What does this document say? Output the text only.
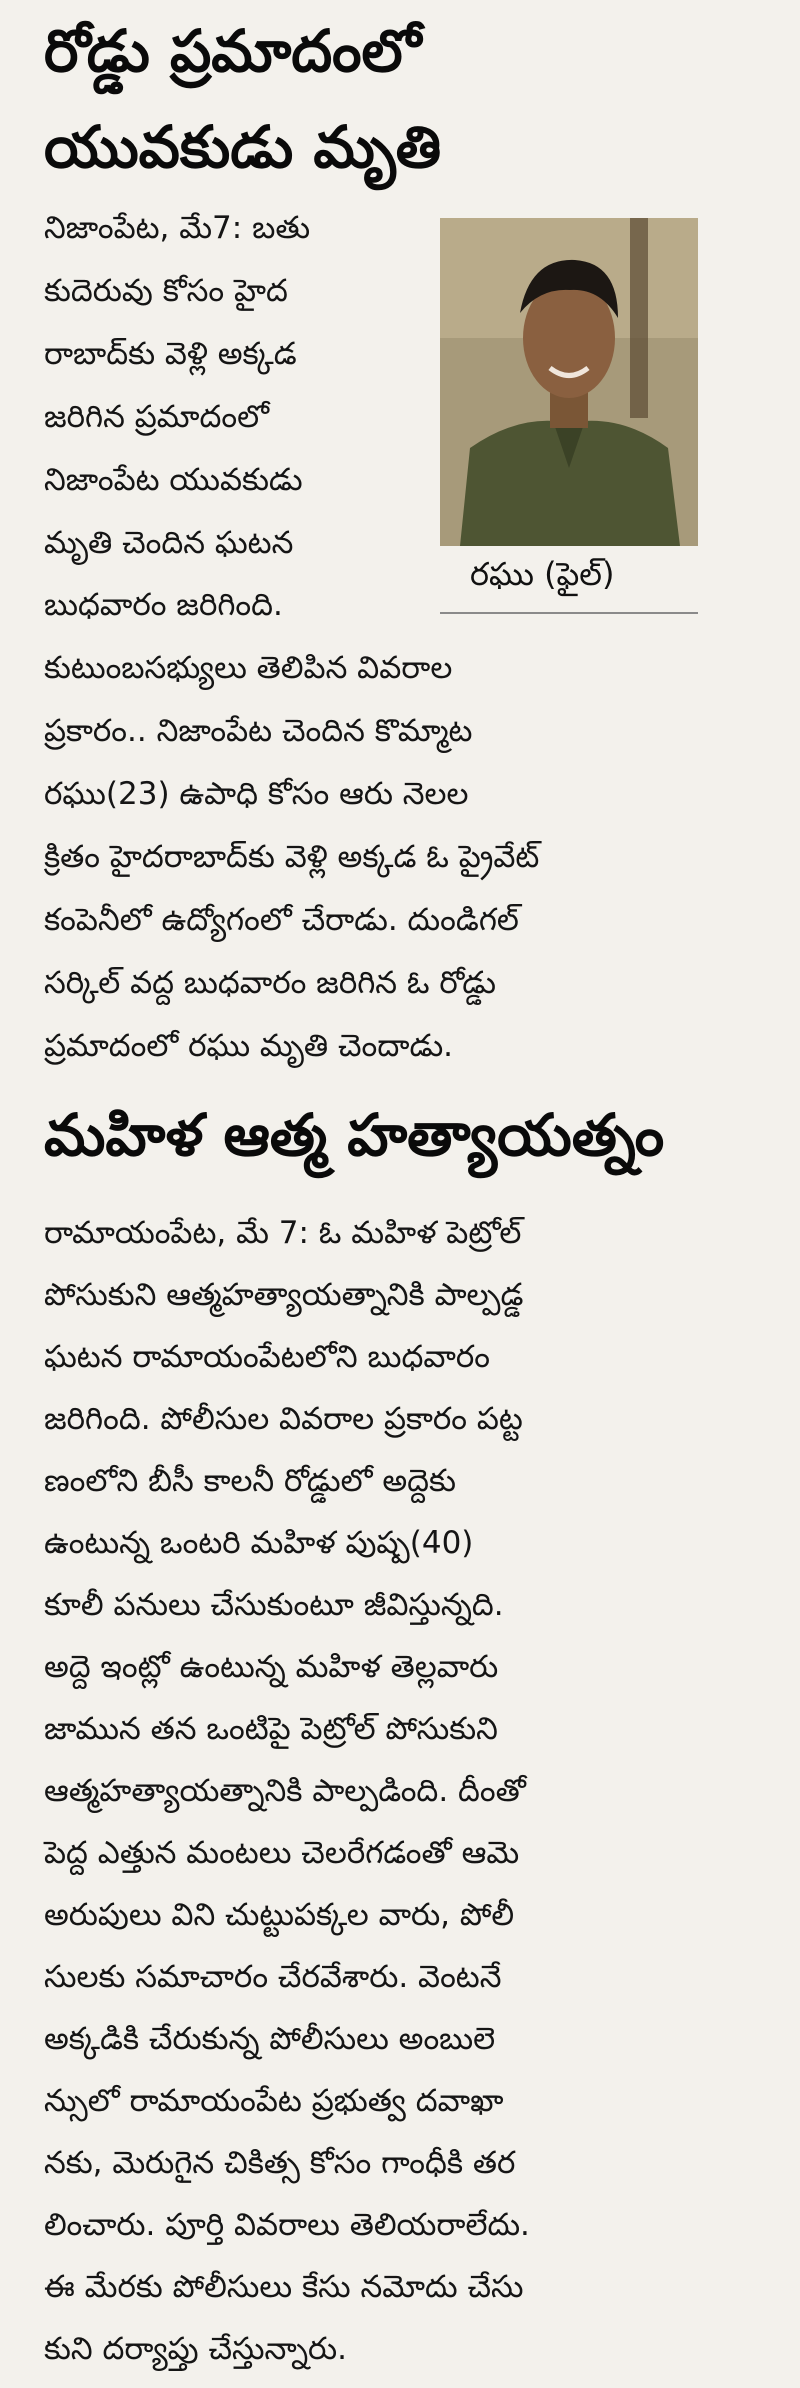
రోడ్డు ప్రమాదంలో
యువకుడు మృతి
రఘు (ఫైల్)

నిజాంపేట, మే7: బతు

కుదెరువు కోసం హైద

రాబాద్‌కు వెళ్లి అక్కడ

జరిగిన ప్రమాదంలో

నిజాంపేట యువకుడు

మృతి చెందిన ఘటన

బుధవారం జరిగింది.

కుటుంబసభ్యులు తెలిపిన వివరాల

ప్రకారం.. నిజాంపేట చెందిన కొమ్మాట

రఘు(23) ఉపాధి కోసం ఆరు నెలల

క్రితం హైదరాబాద్‌కు వెళ్లి అక్కడ ఓ ప్రైవేట్

కంపెనీలో ఉద్యోగంలో చేరాడు. దుండిగల్

సర్కిల్ వద్ద బుధవారం జరిగిన ఓ రోడ్డు

ప్రమాదంలో రఘు మృతి చెందాడు.

మహిళ ఆత్మ హత్యాయత్నం

రామాయంపేట, మే 7: ఓ మహిళ పెట్రోల్

పోసుకుని ఆత్మహత్యాయత్నానికి పాల్పడ్డ

ఘటన రామాయంపేటలోని బుధవారం

జరిగింది. పోలీసుల వివరాల ప్రకారం పట్ట

ణంలోని బీసీ కాలనీ రోడ్డులో అద్దెకు

ఉంటున్న ఒంటరి మహిళ పుష్ప(40)

కూలీ పనులు చేసుకుంటూ జీవిస్తున్నది.

అద్దె ఇంట్లో ఉంటున్న మహిళ తెల్లవారు

జామున తన ఒంటిపై పెట్రోల్ పోసుకుని

ఆత్మహత్యాయత్నానికి పాల్పడింది. దీంతో

పెద్ద ఎత్తున మంటలు చెలరేగడంతో ఆమె

అరుపులు విని చుట్టుపక్కల వారు, పోలీ

సులకు సమాచారం చేరవేశారు. వెంటనే

అక్కడికి చేరుకున్న పోలీసులు అంబులె

న్సులో రామాయంపేట ప్రభుత్వ దవాఖా

నకు, మెరుగైన చికిత్స కోసం గాంధీకి తర

లించారు. పూర్తి వివరాలు తెలియరాలేదు.

ఈ మేరకు పోలీసులు కేసు నమోదు చేసు

కుని దర్యాప్తు చేస్తున్నారు.
